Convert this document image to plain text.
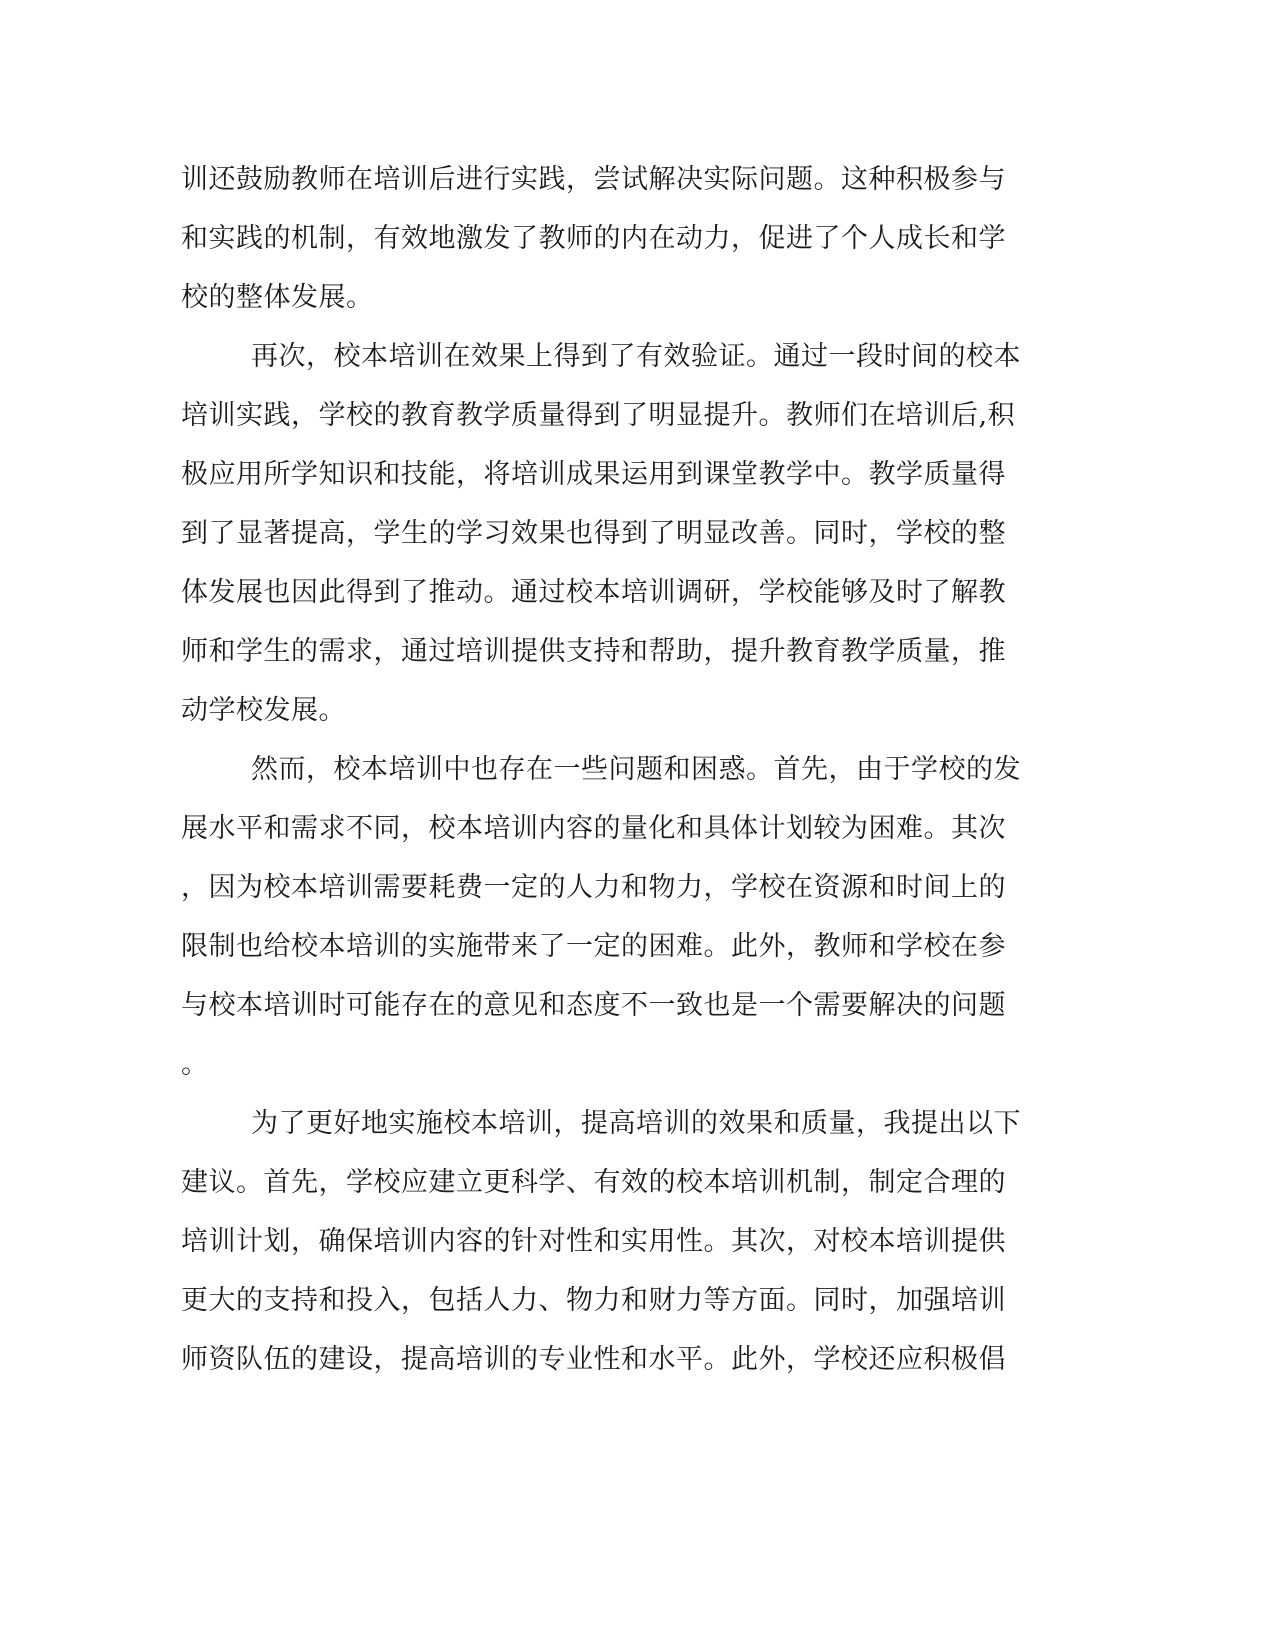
训还鼓励教师在培训后进行实践，尝试解决实际问题。这种积极参与

和实践的机制，有效地激发了教师的内在动力，促进了个人成长和学

校的整体发展。

再次，校本培训在效果上得到了有效验证。通过一段时间的校本

培训实践，学校的教育教学质量得到了明显提升。教师们在培训后,积

极应用所学知识和技能，将培训成果运用到课堂教学中。教学质量得

到了显著提高，学生的学习效果也得到了明显改善。同时，学校的整

体发展也因此得到了推动。通过校本培训调研，学校能够及时了解教

师和学生的需求，通过培训提供支持和帮助，提升教育教学质量，推

动学校发展。

然而，校本培训中也存在一些问题和困惑。首先，由于学校的发

展水平和需求不同，校本培训内容的量化和具体计划较为困难。其次

，因为校本培训需要耗费一定的人力和物力，学校在资源和时间上的

限制也给校本培训的实施带来了一定的困难。此外，教师和学校在参

与校本培训时可能存在的意见和态度不一致也是一个需要解决的问题

。

为了更好地实施校本培训，提高培训的效果和质量，我提出以下

建议。首先，学校应建立更科学、有效的校本培训机制，制定合理的

培训计划，确保培训内容的针对性和实用性。其次，对校本培训提供

更大的支持和投入，包括人力、物力和财力等方面。同时，加强培训

师资队伍的建设，提高培训的专业性和水平。此外，学校还应积极倡
